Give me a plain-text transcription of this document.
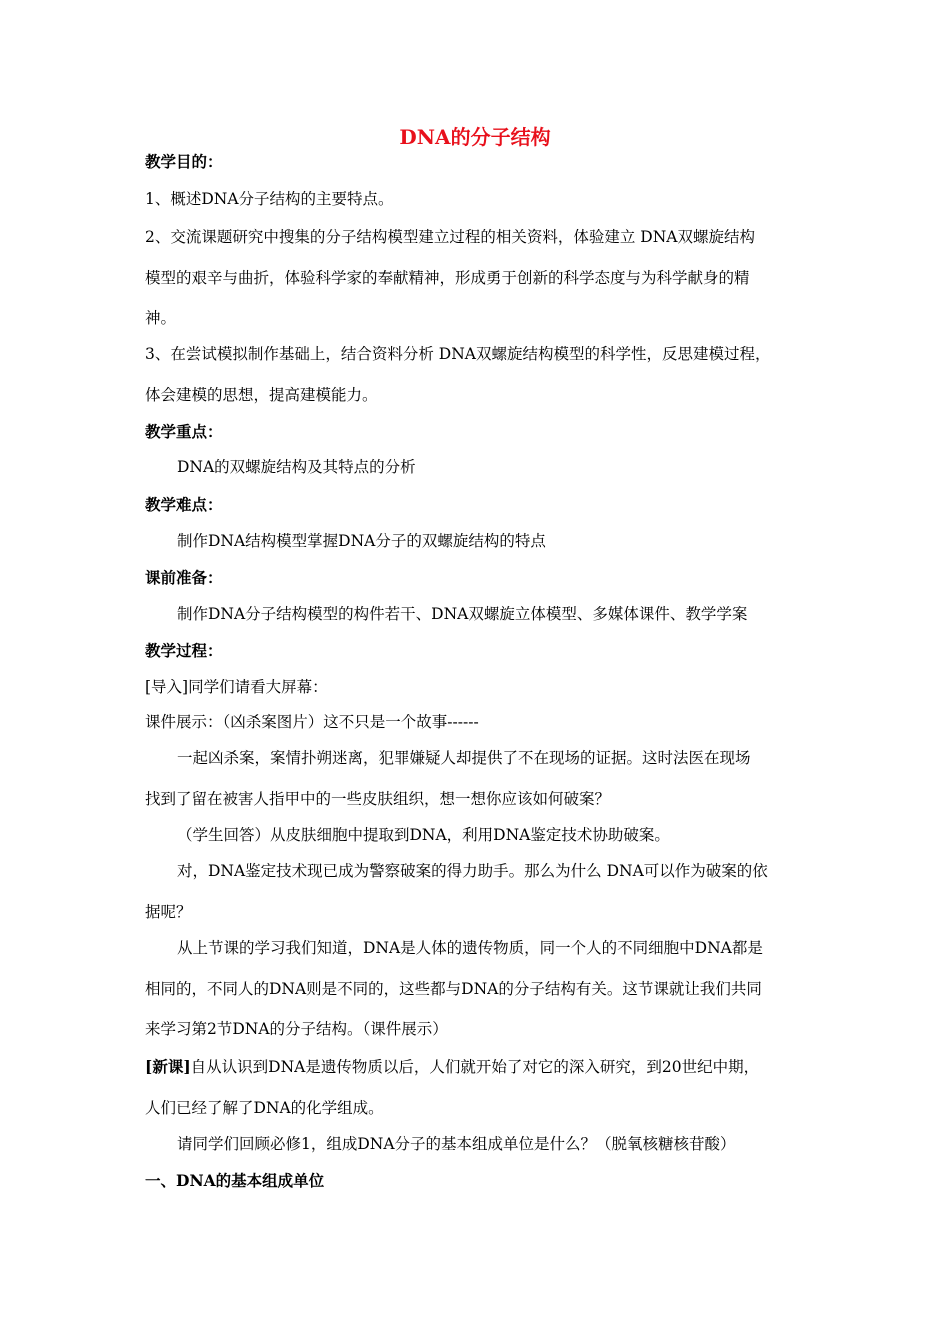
DNA的分子结构
教学目的：
1、概述DNA分子结构的主要特点。
2、交流课题研究中搜集的分子结构模型建立过程的相关资料，体验建立 DNA双螺旋结构
模型的艰辛与曲折，体验科学家的奉献精神，形成勇于创新的科学态度与为科学献身的精
神。
3、在尝试模拟制作基础上，结合资料分析 DNA双螺旋结构模型的科学性，反思建模过程，
体会建模的思想，提高建模能力。
教学重点：
DNA的双螺旋结构及其特点的分析
教学难点：
制作DNA结构模型掌握DNA分子的双螺旋结构的特点
课前准备：
制作DNA分子结构模型的构件若干、DNA双螺旋立体模型、多媒体课件、教学学案
教学过程：
[导入]同学们请看大屏幕：
课件展示：（凶杀案图片）这不只是一个故事------
一起凶杀案，案情扑朔迷离，犯罪嫌疑人却提供了不在现场的证据。这时法医在现场
找到了留在被害人指甲中的一些皮肤组织，想一想你应该如何破案？
（学生回答）从皮肤细胞中提取到DNA，利用DNA鉴定技术协助破案。
对，DNA鉴定技术现已成为警察破案的得力助手。那么为什么 DNA可以作为破案的依
据呢？
从上节课的学习我们知道，DNA是人体的遗传物质，同一个人的不同细胞中DNA都是
相同的，不同人的DNA则是不同的，这些都与DNA的分子结构有关。这节课就让我们共同
来学习第2节DNA的分子结构。（课件展示）
[新课]自从认识到DNA是遗传物质以后，人们就开始了对它的深入研究，到20世纪中期，
人们已经了解了DNA的化学组成。
请同学们回顾必修1，组成DNA分子的基本组成单位是什么？（脱氧核糖核苷酸）
一、DNA的基本组成单位
